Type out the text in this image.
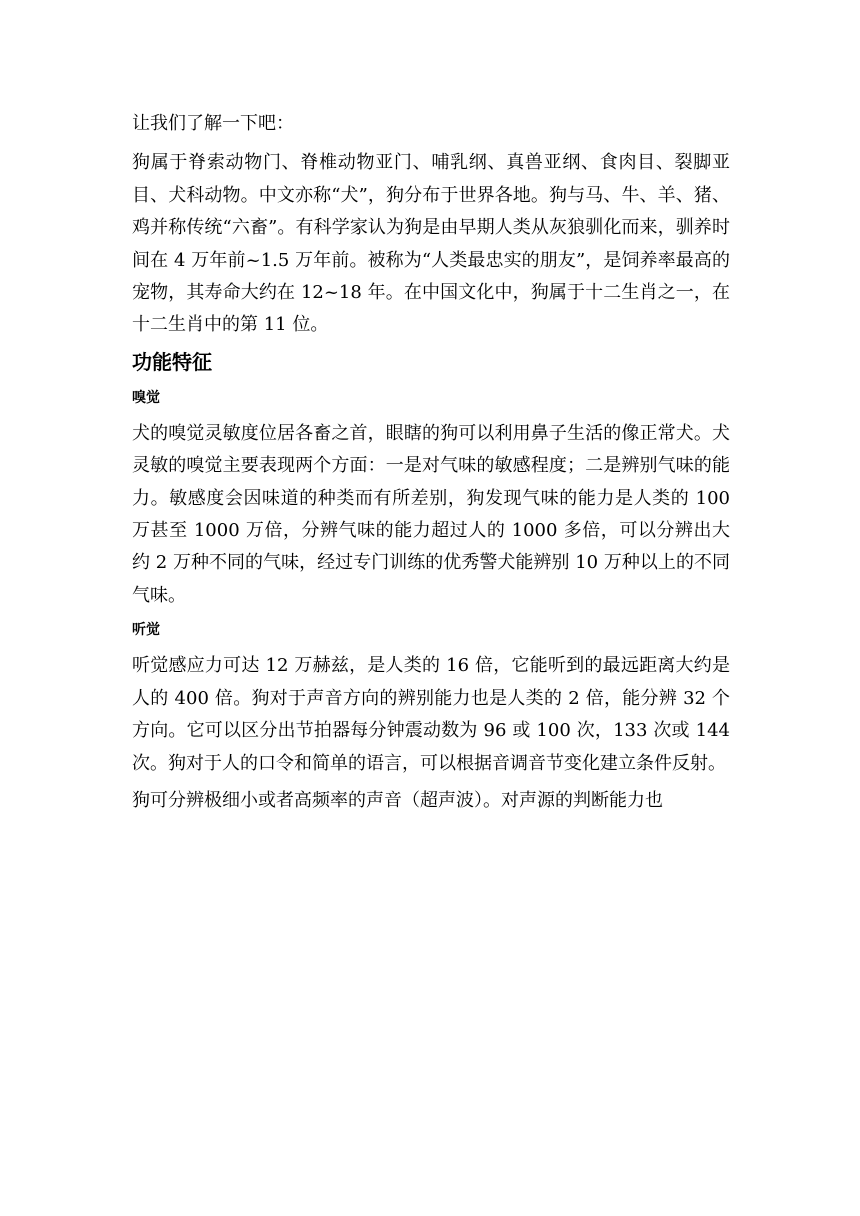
让我们了解一下吧：

狗属于脊索动物门、脊椎动物亚门、哺乳纲、真兽亚纲、食肉目、裂脚亚目、犬科动物。中文亦称“犬”，狗分布于世界各地。狗与马、牛、羊、猪、鸡并称传统“六畜”。有科学家认为狗是由早期人类从灰狼驯化而来，驯养时间在 4 万年前~1.5 万年前。被称为“人类最忠实的朋友”，是饲养率最高的宠物，其寿命大约在 12~18 年。在中国文化中，狗属于十二生肖之一，在十二生肖中的第 11 位。

功能特征
嗅觉

犬的嗅觉灵敏度位居各畜之首，眼瞎的狗可以利用鼻子生活的像正常犬。犬灵敏的嗅觉主要表现两个方面：一是对气味的敏感程度；二是辨别气味的能力。敏感度会因味道的种类而有所差别，狗发现气味的能力是人类的 100 万甚至 1000 万倍，分辨气味的能力超过人的 1000 多倍，可以分辨出大约 2 万种不同的气味，经过专门训练的优秀警犬能辨别 10 万种以上的不同气味。

听觉

听觉感应力可达 12 万赫兹，是人类的 16 倍，它能听到的最远距离大约是人的 400 倍。狗对于声音方向的辨别能力也是人类的 2 倍，能分辨 32 个方向。它可以区分出节拍器每分钟震动数为 96 或 100 次，133 次或 144 次。狗对于人的口令和简单的语言，可以根据音调音节变化建立条件反射。

狗可分辨极细小或者高频率的声音（超声波）。对声源的判断能力也
